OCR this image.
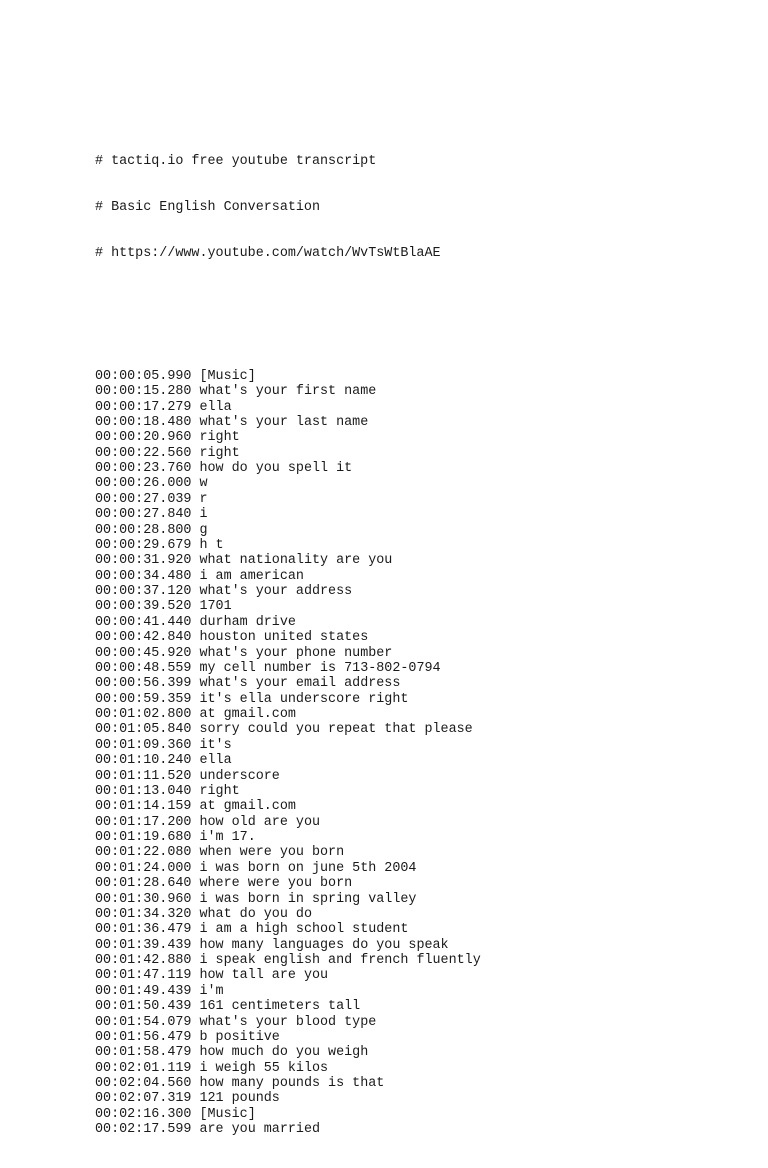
# tactiq.io free youtube transcript

# Basic English Conversation

# https://www.youtube.com/watch/WvTsWtBlaAE

00:00:05.990 [Music]
00:00:15.280 what's your first name
00:00:17.279 ella
00:00:18.480 what's your last name
00:00:20.960 right
00:00:22.560 right
00:00:23.760 how do you spell it
00:00:26.000 w
00:00:27.039 r
00:00:27.840 i
00:00:28.800 g
00:00:29.679 h t
00:00:31.920 what nationality are you
00:00:34.480 i am american
00:00:37.120 what's your address
00:00:39.520 1701
00:00:41.440 durham drive
00:00:42.840 houston united states
00:00:45.920 what's your phone number
00:00:48.559 my cell number is 713-802-0794
00:00:56.399 what's your email address
00:00:59.359 it's ella underscore right
00:01:02.800 at gmail.com
00:01:05.840 sorry could you repeat that please
00:01:09.360 it's
00:01:10.240 ella
00:01:11.520 underscore
00:01:13.040 right
00:01:14.159 at gmail.com
00:01:17.200 how old are you
00:01:19.680 i'm 17.
00:01:22.080 when were you born
00:01:24.000 i was born on june 5th 2004
00:01:28.640 where were you born
00:01:30.960 i was born in spring valley
00:01:34.320 what do you do
00:01:36.479 i am a high school student
00:01:39.439 how many languages do you speak
00:01:42.880 i speak english and french fluently
00:01:47.119 how tall are you
00:01:49.439 i'm
00:01:50.439 161 centimeters tall
00:01:54.079 what's your blood type
00:01:56.479 b positive
00:01:58.479 how much do you weigh
00:02:01.119 i weigh 55 kilos
00:02:04.560 how many pounds is that
00:02:07.319 121 pounds
00:02:16.300 [Music]
00:02:17.599 are you married
